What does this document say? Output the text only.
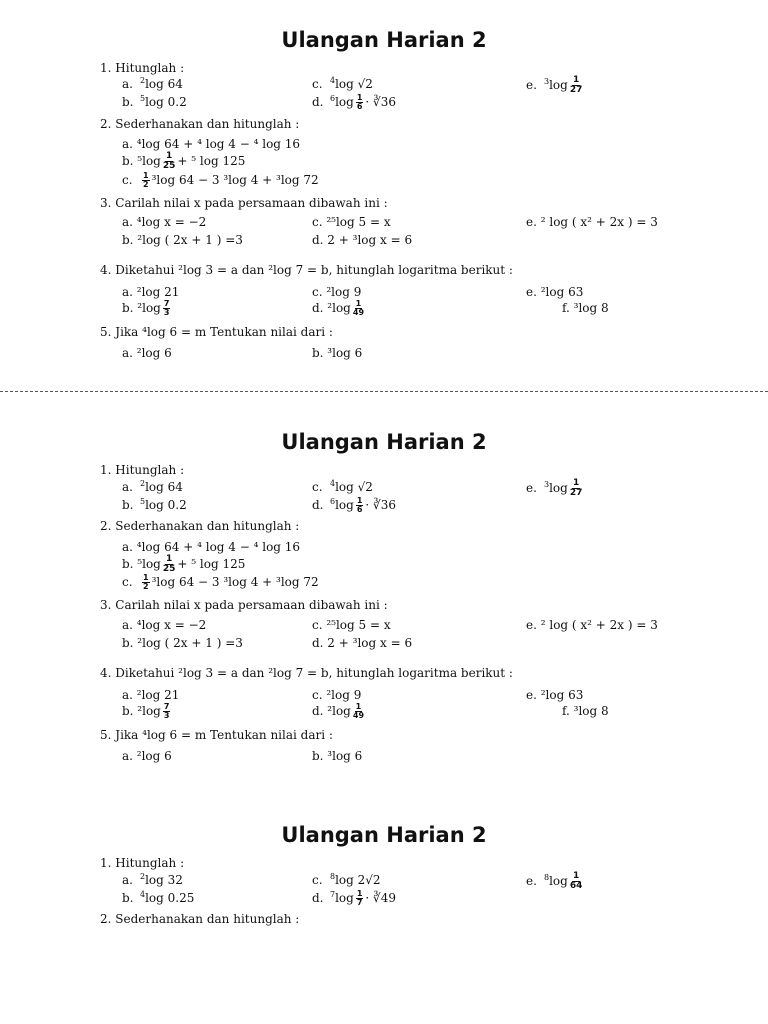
Ulangan Harian 2
1. Hitunglah :
a. $^2$log 64
b. $^5$log 0.2
c. $^4$log √2
d. $^6\log \frac{1}{6}$ · ∛36
e. $^3\log \frac{1}{27}$
2. Sederhanakan dan hitunglah :
a. ⁴log 64 + ⁴ log 4 − ⁴ log 16
b. $^5\log \frac{1}{25} + ^5$ log 125
c. $\frac{1}{2} ^3\log$ 64 − 3 ³log 4 + ³log 72
3. Carilah nilai x pada persamaan dibawah ini :
a. ⁴log x = −2
b. ²log ( 2x + 1 ) =3
c. ²⁵log 5 = x
d. 2 + ³log x = 6
e. ² log ( x² + 2x ) = 3
4. Diketahui ²log 3 = a dan ²log 7 = b, hitunglah logaritma berikut :
a. ²log 21
b. $^2\log \frac{7}{3}$
c. ²log 9
d. $^2\log \frac{1}{49}$
e. ²log 63
f. ³log 8
5. Jika ⁴log 6 = m Tentukan nilai dari :
a. ²log 6	b. ³log 6
Ulangan Harian 2
1. Hitunglah :
a. $^2$log 64
b. $^5$log 0.2
c. $^4$log √2
d. $^6\log \frac{1}{6}$ · ∛36
e. $^3\log \frac{1}{27}$
2. Sederhanakan dan hitunglah :
a. ⁴log 64 + ⁴ log 4 − ⁴ log 16
b. $^5\log \frac{1}{25} + ^5$ log 125
c. $\frac{1}{2} ^3\log$ 64 − 3 ³log 4 + ³log 72
3. Carilah nilai x pada persamaan dibawah ini :
a. ⁴log x = −2
b. ²log ( 2x + 1 ) =3
c. ²⁵log 5 = x
d. 2 + ³log x = 6
e. ² log ( x² + 2x ) = 3
4. Diketahui ²log 3 = a dan ²log 7 = b, hitunglah logaritma berikut :
a. ²log 21
b. $^2\log \frac{7}{3}$
c. ²log 9
d. $^2\log \frac{1}{49}$
e. ²log 63
f. ³log 8
5. Jika ⁴log 6 = m Tentukan nilai dari :
a. ²log 6	b. ³log 6
Ulangan Harian 2
1. Hitunglah :
a. $^2$log 32
b. $^4$log 0.25
c. $^8$log 2√2
d. $^7\log \frac{1}{7}$ · ∛49
e. $^8\log \frac{1}{64}$
2. Sederhanakan dan hitunglah :
